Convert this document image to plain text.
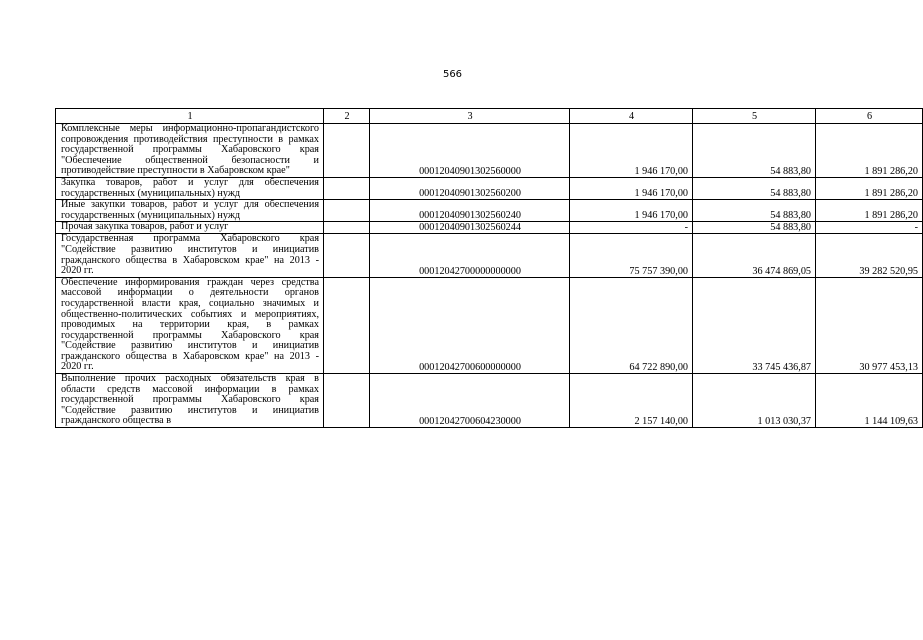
566
1	2	3	4	5	6
Комплексные меры информационно-пропагандистского сопровождения противодействия преступности в рамках государственной программы Хабаровского края "Обеспечение общественной безопасности и противодействие преступности в Хабаровском крае"		00012040901302560000	1 946 170,00	54 883,80	1 891 286,20
Закупка товаров, работ и услуг для обеспечения государственных (муниципальных) нужд		00012040901302560200	1 946 170,00	54 883,80	1 891 286,20
Иные закупки товаров, работ и услуг для обеспечения государственных (муниципальных) нужд		00012040901302560240	1 946 170,00	54 883,80	1 891 286,20
Прочая закупка товаров, работ и услуг		00012040901302560244	-	54 883,80	-
Государственная программа Хабаровского края "Содействие развитию институтов и инициатив гражданского общества в Хабаровском крае" на 2013 - 2020 гг.		00012042700000000000	75 757 390,00	36 474 869,05	39 282 520,95
Обеспечение информирования граждан через средства массовой информации о деятельности органов государственной власти края, социально значимых и общественно-политических событиях и мероприятиях, проводимых на территории края, в рамках государственной программы Хабаровского края "Содействие развитию институтов и инициатив гражданского общества в Хабаровском крае" на 2013 - 2020 гг.		00012042700600000000	64 722 890,00	33 745 436,87	30 977 453,13
Выполнение прочих расходных обязательств края в области средств массовой информации в рамках государственной программы Хабаровского края "Содействие развитию институтов и инициатив гражданского общества в		00012042700604230000	2 157 140,00	1 013 030,37	1 144 109,63
